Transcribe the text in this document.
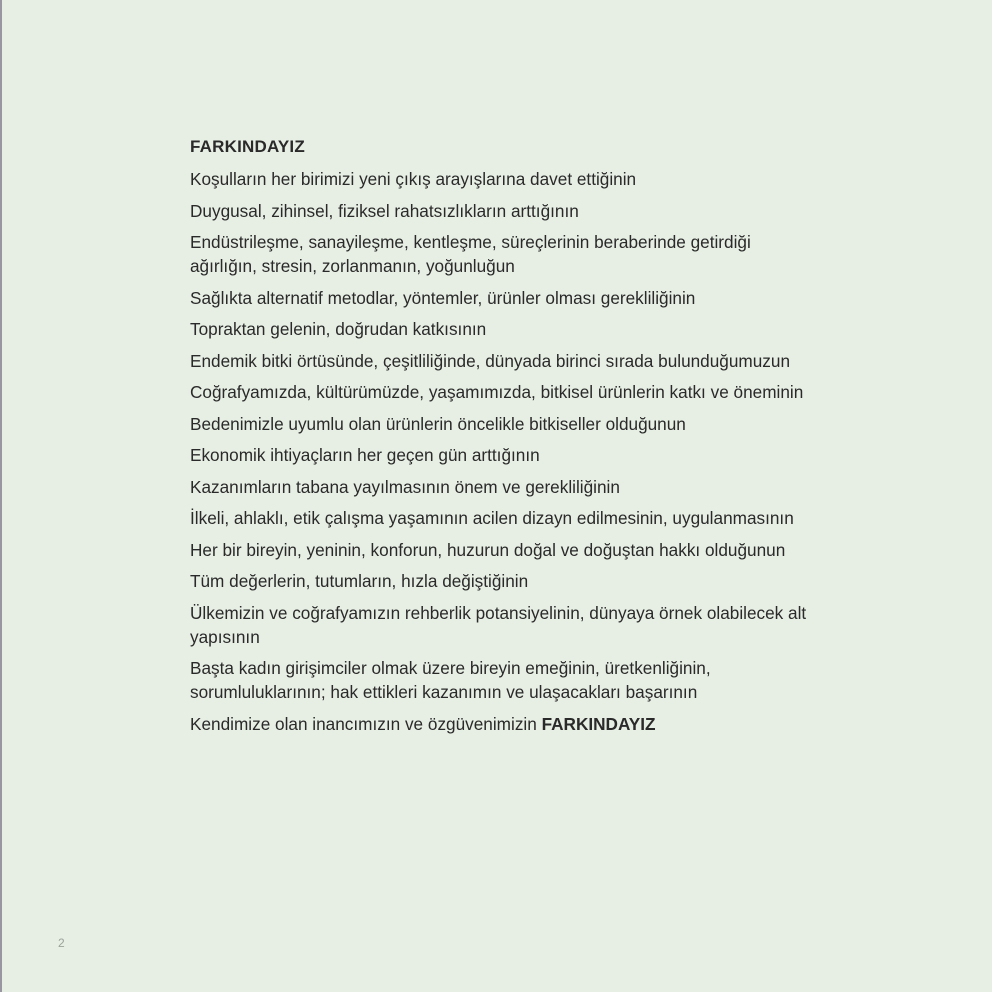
FARKINDAYIZ
Koşulların her birimizi yeni çıkış arayışlarına davet ettiğinin
Duygusal, zihinsel, fiziksel rahatsızlıkların arttığının
Endüstrileşme, sanayileşme, kentleşme, süreçlerinin beraberinde getirdiği ağırlığın, stresin, zorlanmanın, yoğunluğun
Sağlıkta alternatif metodlar, yöntemler, ürünler olması gerekliliğinin
Topraktan gelenin, doğrudan katkısının
Endemik bitki örtüsünde, çeşitliliğinde, dünyada birinci sırada bulunduğumuzun
Coğrafyamızda, kültürümüzde, yaşamımızda, bitkisel ürünlerin katkı ve öneminin
Bedenimizle uyumlu olan ürünlerin öncelikle bitkiseller olduğunun
Ekonomik ihtiyaçların her geçen gün arttığının
Kazanımların tabana yayılmasının önem ve gerekliliğinin
İlkeli, ahlaklı, etik çalışma yaşamının acilen dizayn edilmesinin, uygulanmasının
Her bir bireyin, yeninin, konforun, huzurun doğal ve doğuştan hakkı olduğunun
Tüm değerlerin, tutumların, hızla değiştiğinin
Ülkemizin ve coğrafyamızın rehberlik potansiyelinin, dünyaya örnek olabilecek alt yapısının
Başta kadın girişimciler olmak üzere bireyin emeğinin, üretkenliğinin, sorumluluklarının; hak ettikleri kazanımın ve ulaşacakları başarının
Kendimize olan inancımızın ve özgüvenimizin FARKINDAYIZ
2
